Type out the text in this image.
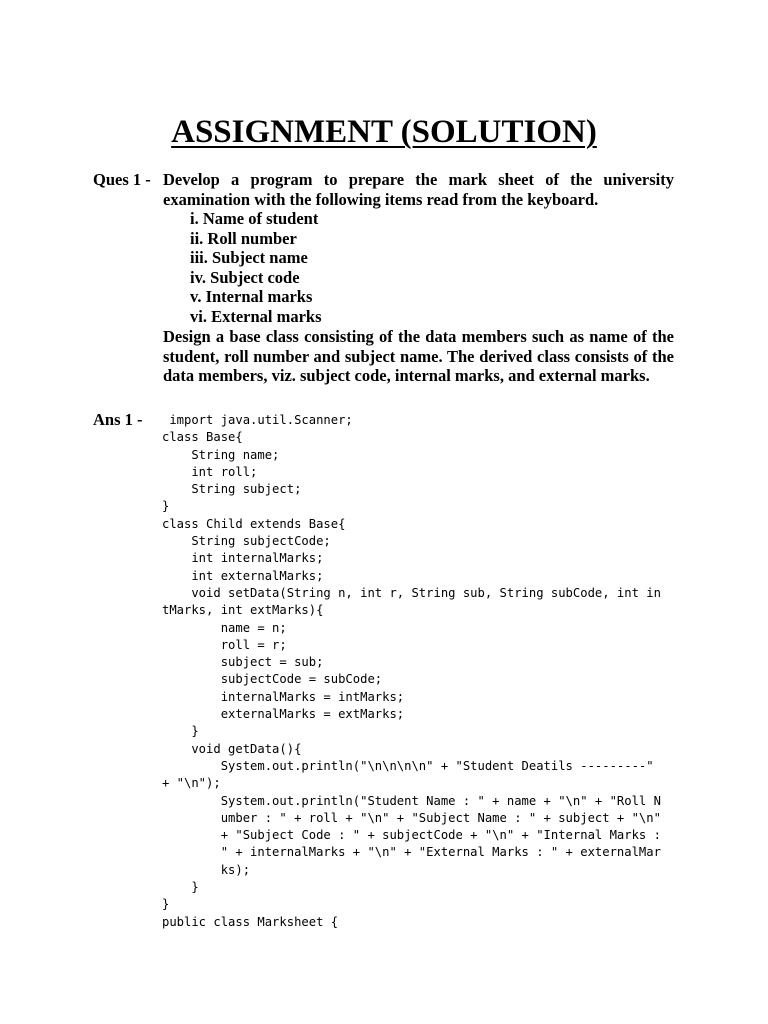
ASSIGNMENT (SOLUTION)
Ques 1 - Develop a program to prepare the mark sheet of the university
examination with the following items read from the keyboard.
i. Name of student
ii. Roll number
iii. Subject name
iv. Subject code
v. Internal marks
vi. External marks
Design a base class consisting of the data members such as name of the student, roll number and subject name. The derived class consists of the data members, viz. subject code, internal marks, and external marks.
Ans 1 - import java.util.Scanner;
class Base{
String name;
int roll;
String subject;
}
class Child extends Base{
String subjectCode;
int internalMarks;
int externalMarks;
void setData(String n, int r, String sub, String subCode, int in
tMarks, int extMarks){
name = n;
roll = r;
subject = sub;
subjectCode = subCode;
internalMarks = intMarks;
externalMarks = extMarks;
}
void getData(){
System.out.println("\n\n\n\n" + "Student Deatils ---------"
+ "\n");
System.out.println("Student Name : " + name + "\n" + "Roll N
umber : " + roll + "\n" + "Subject Name : " + subject + "\n"
+ "Subject Code : " + subjectCode + "\n" + "Internal Marks :
" + internalMarks + "\n" + "External Marks : " + externalMar
ks);
}
}
public class Marksheet {
